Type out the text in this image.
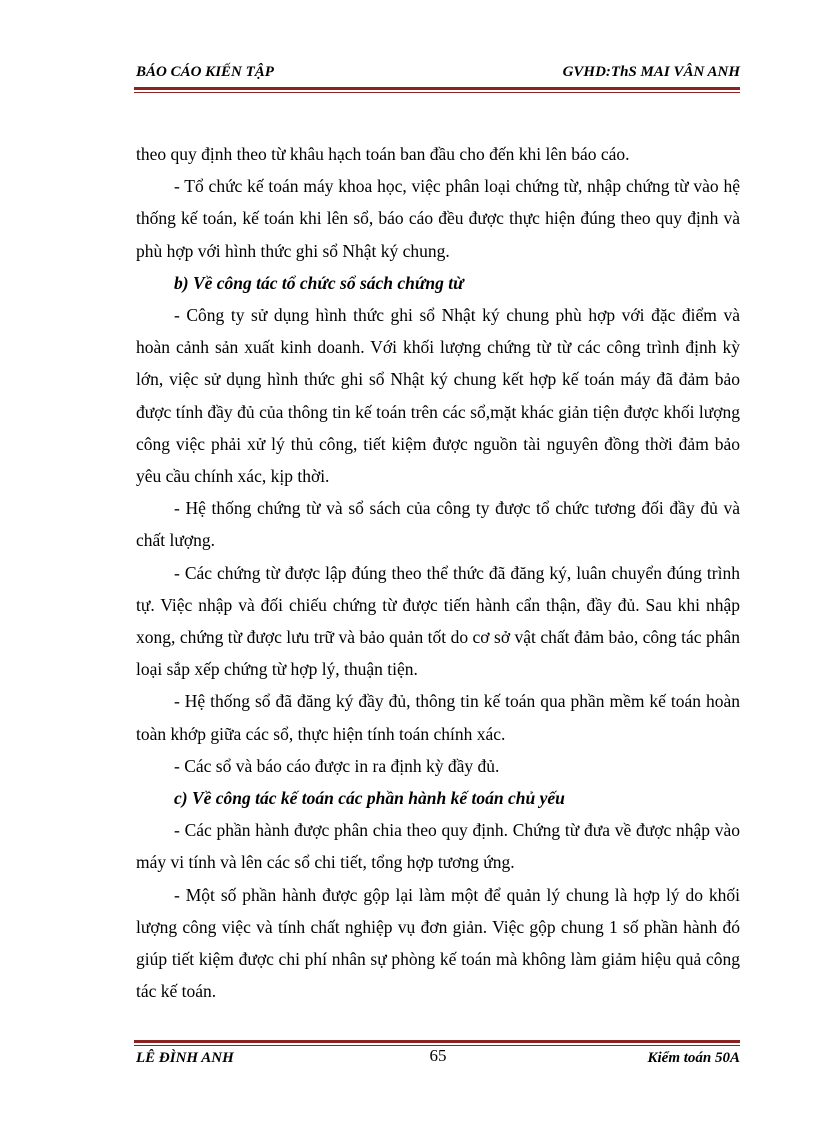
BÁO CÁO KIẾN TẬP	GVHD:ThS MAI VÂN ANH

theo quy định theo từ khâu hạch toán ban đầu cho đến khi lên báo cáo.

- Tổ chức kế toán máy khoa học, việc phân loại chứng từ, nhập chứng từ vào hệ thống kế toán, kế toán khi lên sổ, báo cáo đều được thực hiện đúng theo quy định và phù hợp với hình thức ghi sổ Nhật ký chung.

b) Về công tác tổ chức sổ sách chứng từ

- Công ty sử dụng hình thức ghi sổ Nhật ký chung phù hợp với đặc điểm và hoàn cảnh sản xuất kinh doanh. Với khối lượng chứng từ từ các công trình định kỳ lớn, việc sử dụng hình thức ghi sổ Nhật ký chung kết hợp kế toán máy đã đảm bảo được tính đầy đủ của thông tin kế toán trên các sổ,mặt khác giản tiện được khối lượng công việc phải xử lý thủ công, tiết kiệm được nguồn tài nguyên đồng thời đảm bảo yêu cầu chính xác, kịp thời.

- Hệ thống chứng từ và sổ sách của công ty được tổ chức tương đối đầy đủ và chất lượng.

- Các chứng từ được lập đúng theo thể thức đã đăng ký, luân chuyển đúng trình tự. Việc nhập và đối chiếu chứng từ được tiến hành cẩn thận, đầy đủ. Sau khi nhập xong, chứng từ được lưu trữ và bảo quản tốt do cơ sở vật chất đảm bảo, công tác phân loại sắp xếp chứng từ hợp lý, thuận tiện.

- Hệ thống sổ đã đăng ký đầy đủ, thông tin kế toán qua phần mềm kế toán hoàn toàn khớp giữa các sổ, thực hiện tính toán chính xác.

- Các sổ và báo cáo được in ra định kỳ đầy đủ.

c) Về công tác kế toán các phần hành kế toán chủ yếu

- Các phần hành được phân chia theo quy định. Chứng từ đưa về được nhập vào máy vi tính và lên các sổ chi tiết, tổng hợp tương ứng.

- Một số phần hành được gộp lại làm một để quản lý chung là hợp lý do khối lượng công việc và tính chất nghiệp vụ đơn giản. Việc gộp chung 1 số phần hành đó giúp tiết kiệm được chi phí nhân sự phòng kế toán mà không làm giảm hiệu quả công tác kế toán.

LÊ ĐÌNH ANH	65	Kiểm toán 50A
